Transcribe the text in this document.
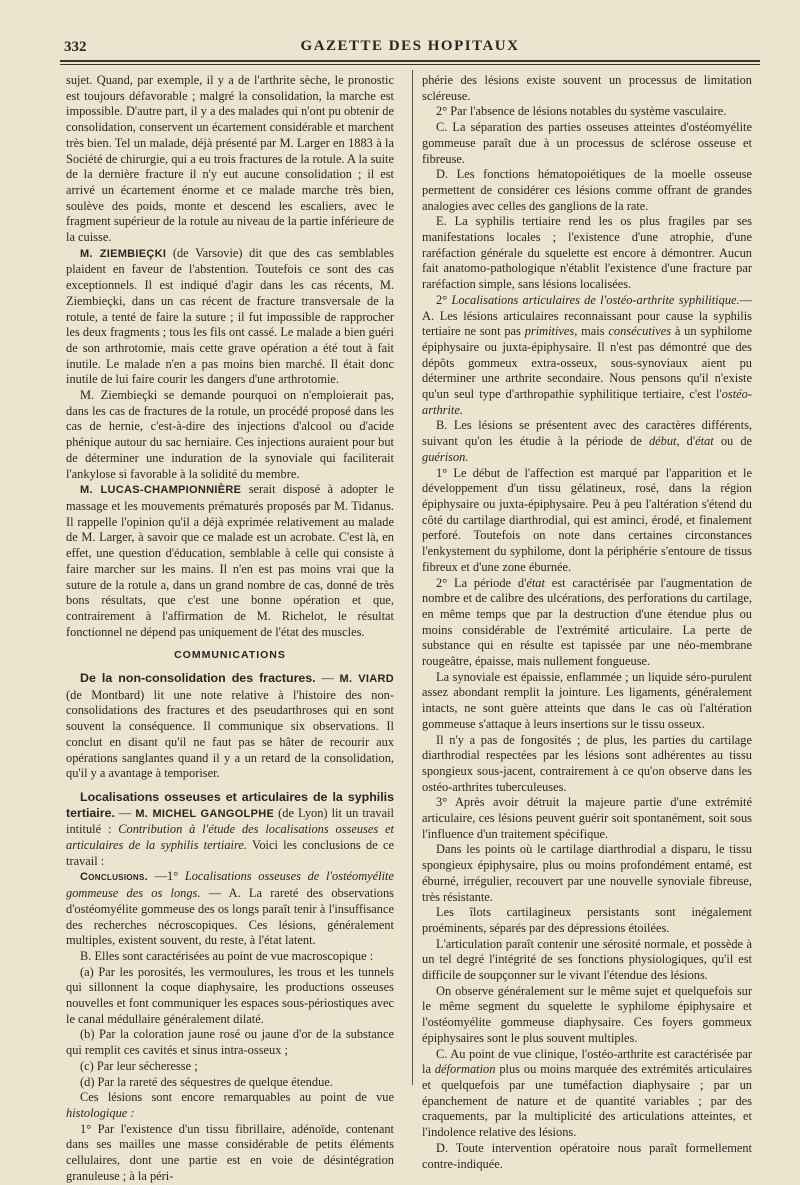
332	GAZETTE DES HOPITAUX

sujet. Quand, par exemple, il y a de l'arthrite sèche, le pronostic est toujours défavorable ; malgré la consolidation, la marche est impossible. D'autre part, il y a des malades qui n'ont pu obtenir de consolidation, conservent un écartement considérable et marchent très bien. Tel un malade, déjà présenté par M. Larger en 1883 à la Société de chirurgie, qui a eu trois fractures de la rotule. A la suite de la dernière fracture il n'y eut aucune consolidation ; il est arrivé un écartement énorme et ce malade marche très bien, soulève des poids, monte et descend les escaliers, avec le fragment supérieur de la rotule au niveau de la partie inférieure de la cuisse.

M. ZIEMBIEÇKI (de Varsovie) dit que des cas semblables plaident en faveur de l'abstention. Toutefois ce sont des cas exceptionnels. Il est indiqué d'agir dans les cas récents, M. Ziembieçki, dans un cas récent de fracture transversale de la rotule, a tenté de faire la suture ; il fut impossible de rapprocher les deux fragments ; tous les fils ont cassé. Le malade a bien guéri de son arthrotomie, mais cette grave opération a été tout à fait inutile. Le malade n'en a pas moins bien marché. Il était donc inutile de lui faire courir les dangers d'une arthrotomie.

M. Ziembieçki se demande pourquoi on n'emploierait pas, dans les cas de fractures de la rotule, un procédé proposé dans les cas de hernie, c'est-à-dire des injections d'alcool ou d'acide phénique autour du sac herniaire. Ces injections auraient pour but de déterminer une induration de la synoviale qui faciliterait l'ankylose si favorable à la solidité du membre.

M. LUCAS-CHAMPIONNIÈRE serait disposé à adopter le massage et les mouvements prématurés proposés par M. Tidanus. Il rappelle l'opinion qu'il a déjà exprimée relativement au malade de M. Larger, à savoir que ce malade est un acrobate. C'est là, en effet, une question d'éducation, semblable à celle qui consiste à faire marcher sur les mains. Il n'en est pas moins vrai que la suture de la rotule a, dans un grand nombre de cas, donné de très bons résultats, que c'est une bonne opération et que, contrairement à l'affirmation de M. Richelot, le résultat fonctionnel ne dépend pas uniquement de l'état des muscles.

COMMUNICATIONS

De la non-consolidation des fractures. — M. VIARD (de Montbard) lit une note relative à l'histoire des non-consolidations des fractures et des pseudarthroses qui en sont souvent la conséquence. Il communique six observations. Il conclut en disant qu'il ne faut pas se hâter de recourir aux opérations sanglantes quand il y a un retard de la consolidation, qu'il y a avantage à temporiser.

Localisations osseuses et articulaires de la syphilis tertiaire. — M. MICHEL GANGOLPHE (de Lyon) lit un travail intitulé : Contribution à l'étude des localisations osseuses et articulaires de la syphilis tertiaire. Voici les conclusions de ce travail :

Conclusions. —1° Localisations osseuses de l'ostéomyélite gommeuse des os longs. — A. La rareté des observations d'ostéomyélite gommeuse des os longs paraît tenir à l'insuffisance des recherches nécroscopiques. Ces lésions, généralement multiples, existent souvent, du reste, à l'état latent.

B. Elles sont caractérisées au point de vue macroscopique :

(a) Par les porosités, les vermoulures, les trous et les tunnels qui sillonnent la coque diaphysaire, les productions osseuses nouvelles et font communiquer les espaces sous-périostiques avec le canal médullaire généralement dilaté.

(b) Par la coloration jaune rosé ou jaune d'or de la substance qui remplit ces cavités et sinus intra-osseux ;

(c) Par leur sécheresse ;

(d) Par la rareté des séquestres de quelque étendue.

Ces lésions sont encore remarquables au point de vue histologique :

1° Par l'existence d'un tissu fibrillaire, adénoïde, contenant dans ses mailles une masse considérable de petits éléments cellulaires, dont une partie est en voie de désintégration granuleuse ; à la péri-

phérie des lésions existe souvent un processus de limitation scléreuse.

2° Par l'absence de lésions notables du système vasculaire.

C. La séparation des parties osseuses atteintes d'ostéomyélite gommeuse paraît due à un processus de sclérose osseuse et fibreuse.

D. Les fonctions hématopoiétiques de la moelle osseuse permettent de considérer ces lésions comme offrant de grandes analogies avec celles des ganglions de la rate.

E. La syphilis tertiaire rend les os plus fragiles par ses manifestations locales ; l'existence d'une atrophie, d'une raréfaction générale du squelette est encore à démontrer. Aucun fait anatomo-pathologique n'établit l'existence d'une fracture par raréfaction simple, sans lésions localisées.

2° Localisations articulaires de l'ostéo-arthrite syphilitique.—A. Les lésions articulaires reconnaissant pour cause la syphilis tertiaire ne sont pas primitives, mais consécutives à un syphilome épiphysaire ou juxta-épiphysaire. Il n'est pas démontré que des dépôts gommeux extra-osseux, sous-synoviaux aient pu déterminer une arthrite secondaire. Nous pensons qu'il n'existe qu'un seul type d'arthropathie syphilitique tertiaire, c'est l'ostéo-arthrite.

B. Les lésions se présentent avec des caractères différents, suivant qu'on les étudie à la période de début, d'état ou de guérison.

1° Le début de l'affection est marqué par l'apparition et le développement d'un tissu gélatineux, rosé, dans la région épiphysaire ou juxta-épiphysaire. Peu à peu l'altération s'étend du côté du cartilage diarthrodial, qui est aminci, érodé, et finalement perforé. Toutefois on note dans certaines circonstances l'enkystement du syphilome, dont la périphérie s'entoure de tissus fibreux et d'une zone éburnée.

2° La période d'état est caractérisée par l'augmentation de nombre et de calibre des ulcérations, des perforations du cartilage, en même temps que par la destruction d'une étendue plus ou moins considérable de l'extrémité articulaire. La perte de substance qui en résulte est tapissée par une néo-membrane rougeâtre, épaisse, mais nullement fongueuse.

La synoviale est épaissie, enflammée ; un liquide séro-purulent assez abondant remplit la jointure. Les ligaments, généralement intacts, ne sont guère atteints que dans le cas où l'altération gommeuse s'attaque à leurs insertions sur le tissu osseux.

Il n'y a pas de fongosités ; de plus, les parties du cartilage diarthrodial respectées par les lésions sont adhérentes au tissu spongieux sous-jacent, contrairement à ce qu'on observe dans les ostéo-arthrites tuberculeuses.

3° Après avoir détruit la majeure partie d'une extrémité articulaire, ces lésions peuvent guérir soit spontanément, soit sous l'influence d'un traitement spécifique.

Dans les points où le cartilage diarthrodial a disparu, le tissu spongieux épiphysaire, plus ou moins profondément entamé, est éburné, irrégulier, recouvert par une nouvelle synoviale fibreuse, très résistante.

Les îlots cartilagineux persistants sont inégalement proéminents, séparés par des dépressions étoilées.

L'articulation paraît contenir une sérosité normale, et possède à un tel degré l'intégrité de ses fonctions physiologiques, qu'il est difficile de soupçonner sur le vivant l'étendue des lésions.

On observe généralement sur le même sujet et quelquefois sur le même segment du squelette le syphilome épiphysaire et l'ostéomyélite gommeuse diaphysaire. Ces foyers gommeux épiphysaires sont le plus souvent multiples.

C. Au point de vue clinique, l'ostéo-arthrite est caractérisée par la déformation plus ou moins marquée des extrémités articulaires et quelquefois par une tuméfaction diaphysaire ; par un épanchement de nature et de quantité variables ; par des craquements, par la multiplicité des articulations atteintes, et l'indolence relative des lésions.

D. Toute intervention opératoire nous paraît formellement contre-indiquée.
